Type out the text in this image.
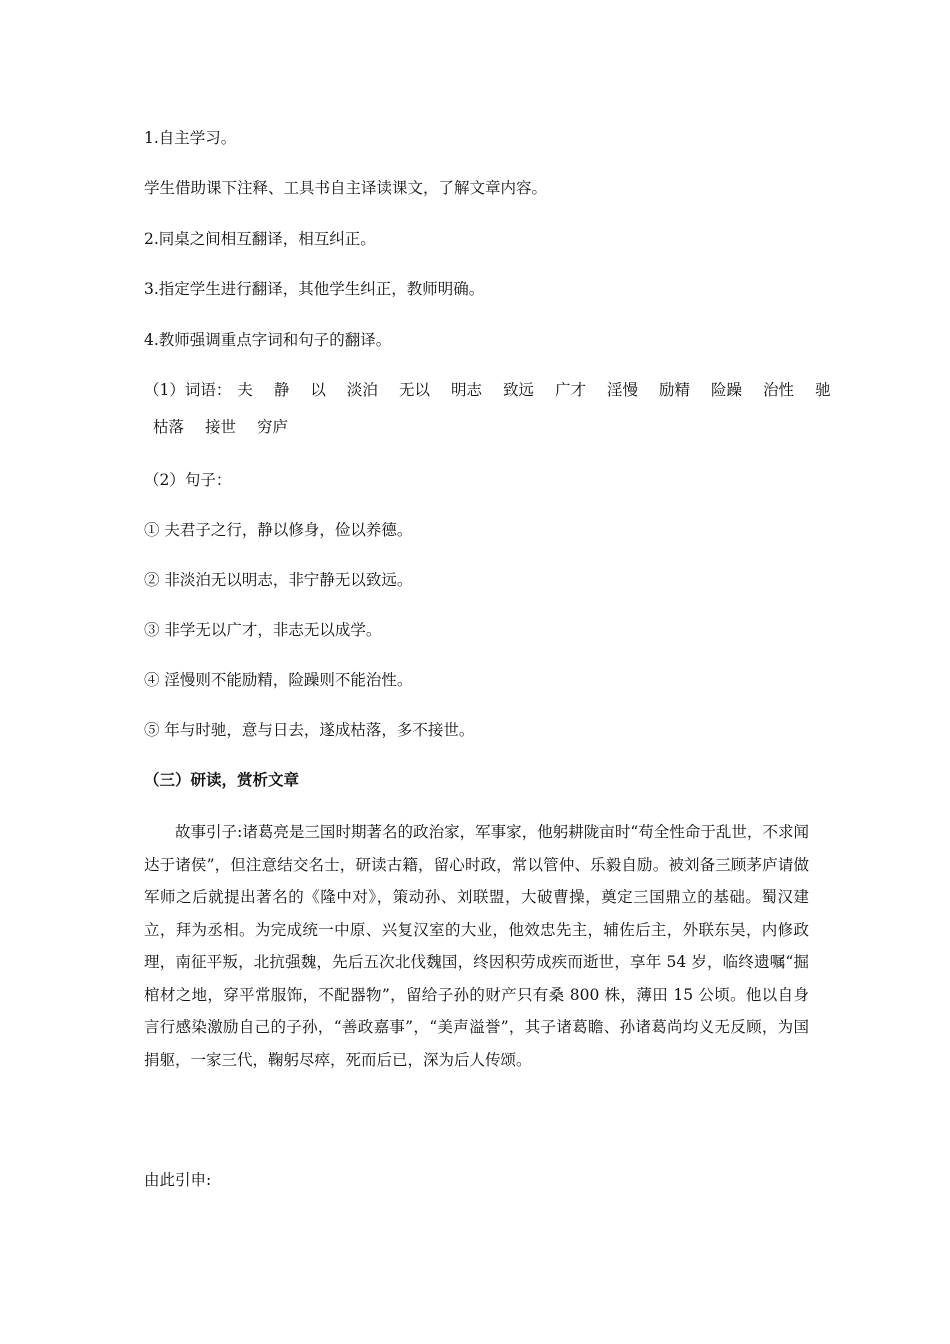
1.自主学习。
学生借助课下注释、工具书自主译读课文，了解文章内容。
2.同桌之间相互翻译，相互纠正。
3.指定学生进行翻译，其他学生纠正，教师明确。
4.教师强调重点字词和句子的翻译。
（1）词语： 夫 静 以 淡泊 无以 明志 致远 广才 淫慢 励精 险躁 治性 驰
枯落 接世 穷庐
（2）句子：
① 夫君子之行，静以修身，俭以养德。
② 非淡泊无以明志，非宁静无以致远。
③ 非学无以广才，非志无以成学。
④ 淫慢则不能励精，险躁则不能治性。
⑤ 年与时驰，意与日去，遂成枯落，多不接世。
（三）研读，赏析文章
故事引子:诸葛亮是三国时期著名的政治家，军事家，他躬耕陇亩时“苟全性命于乱世，不求闻达于诸侯”，但注意结交名士，研读古籍，留心时政，常以管仲、乐毅自励。被刘备三顾茅庐请做军师之后就提出著名的《隆中对》，策动孙、刘联盟，大破曹操，奠定三国鼎立的基础。蜀汉建立，拜为丞相。为完成统一中原、兴复汉室的大业，他效忠先主，辅佐后主，外联东吴，内修政理，南征平叛，北抗强魏，先后五次北伐魏国，终因积劳成疾而逝世，享年 54 岁，临终遗嘱“掘棺材之地，穿平常服饰，不配器物”，留给子孙的财产只有桑 800 株，薄田 15 公顷。他以自身言行感染激励自己的子孙，“善政嘉事”，“美声溢誉”，其子诸葛瞻、孙诸葛尚均义无反顾，为国捐躯，一家三代，鞠躬尽瘁，死而后已，深为后人传颂。
由此引申:
